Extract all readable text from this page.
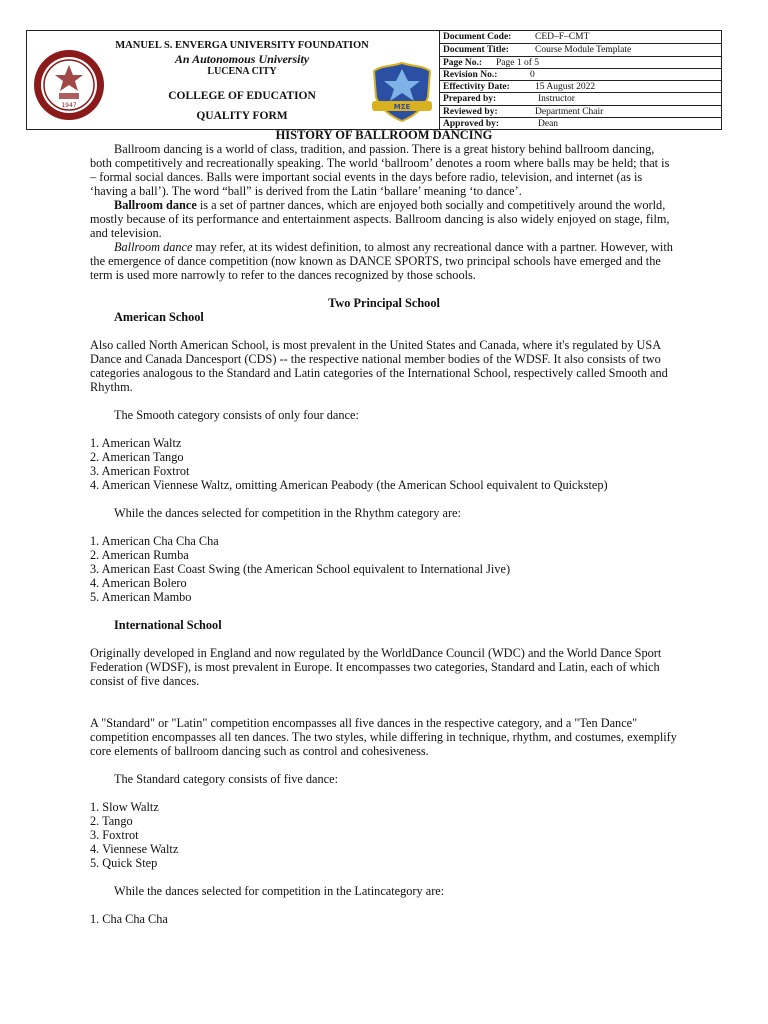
1947
MANUEL S. ENVERGA UNIVERSITY FOUNDATION
An Autonomous University
LUCENA CITY
COLLEGE OF EDUCATION
QUALITY FORM
ΜΣΕ
Document Code: CED–F–CMT
Document Title:	Course Module Template
Page No.: Page 1 of 5
Revision No.:	0
Effectivity Date:	15 August 2022
Prepared by:	Instructor
Reviewed by:	Department Chair
Approved by:	Dean

HISTORY OF BALLROOM DANCING

Ballroom dancing is a world of class, tradition, and passion. There is a great history behind ballroom dancing, both competitively and recreationally speaking. The world ‘ballroom’ denotes a room where balls may be held; that is – formal social dances. Balls were important social events in the days before radio, television, and internet (as is ‘having a ball’). The word “ball” is derived from the Latin ‘ballare’ meaning ‘to dance’.

Ballroom dance is a set of partner dances, which are enjoyed both socially and competitively around the world, mostly because of its performance and entertainment aspects. Ballroom dancing is also widely enjoyed on stage, film, and television.

Ballroom dance may refer, at its widest definition, to almost any recreational dance with a partner. However, with the emergence of dance competition (now known as DANCE SPORTS, two principal schools have emerged and the term is used more narrowly to refer to the dances recognized by those schools.

Two Principal School

American School

Also called North American School, is most prevalent in the United States and Canada, where it's regulated by USA Dance and Canada Dancesport (CDS) -- the respective national member bodies of the WDSF. It also consists of two categories analogous to the Standard and Latin categories of the International School, respectively called Smooth and Rhythm.

The Smooth category consists of only four dance:

1. American Waltz

2. American Tango

3. American Foxtrot

4. American Viennese Waltz, omitting American Peabody (the American School equivalent to Quickstep)

While the dances selected for competition in the Rhythm category are:

1. American Cha Cha Cha

2. American Rumba

3. American East Coast Swing (the American School equivalent to International Jive)

4. American Bolero

5. American Mambo

International School

Originally developed in England and now regulated by the WorldDance Council (WDC) and the World Dance Sport Federation (WDSF), is most prevalent in Europe. It encompasses two categories, Standard and Latin, each of which consist of five dances.

A "Standard" or "Latin" competition encompasses all five dances in the respective category, and a "Ten Dance" competition encompasses all ten dances. The two styles, while differing in technique, rhythm, and costumes, exemplify core elements of ballroom dancing such as control and cohesiveness.

The Standard category consists of five dance:

1. Slow Waltz

2. Tango

3. Foxtrot

4. Viennese Waltz

5. Quick Step

While the dances selected for competition in the Latincategory are:

1. Cha Cha Cha
